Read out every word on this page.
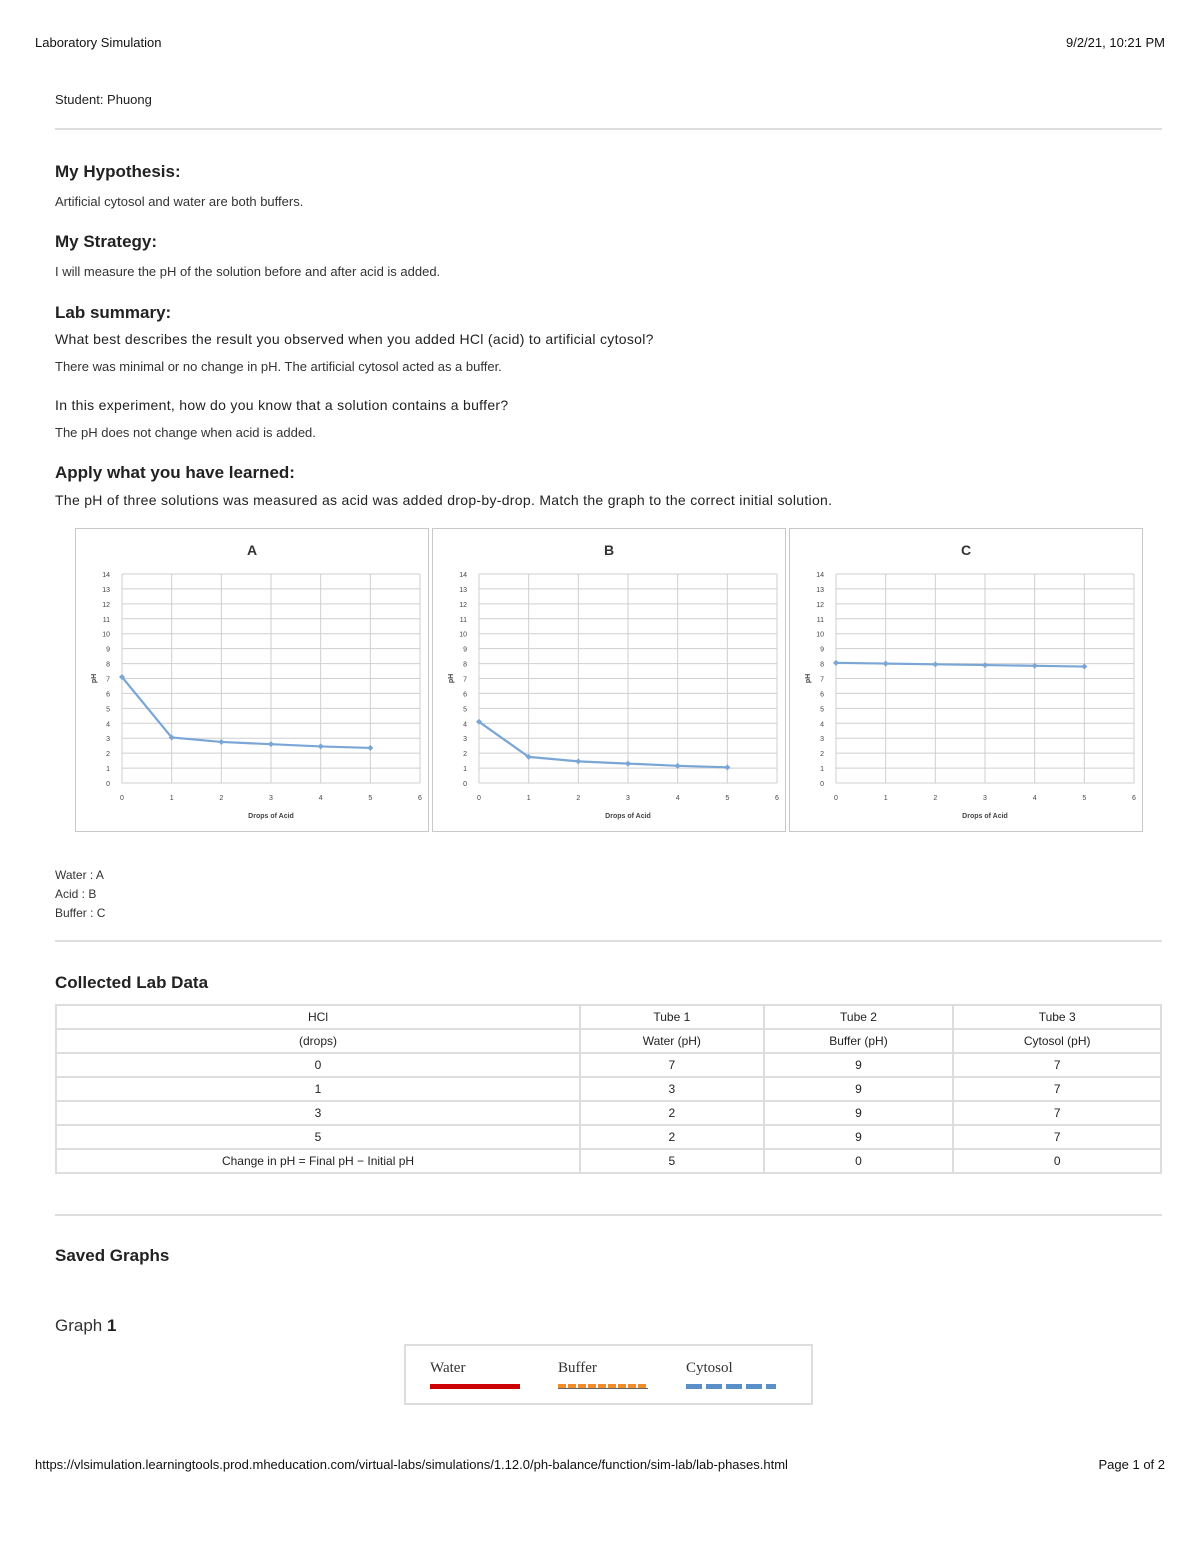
Laboratory Simulation	9/2/21, 10:21 PM
Student: Phuong
My Hypothesis:

Artificial cytosol and water are both buffers.

My Strategy:

I will measure the pH of the solution before and after acid is added.

Lab summary:

What best describes the result you observed when you added HCl (acid) to artificial cytosol?

There was minimal or no change in pH. The artificial cytosol acted as a buffer.

In this experiment, how do you know that a solution contains a buffer?

The pH does not change when acid is added.

Apply what you have learned:

The pH of three solutions was measured as acid was added drop-by-drop. Match the graph to the correct initial solution.

A
0
1
2
3
4
5
6
7
8
9
10
11
12
13
14
0	1	2	3	4	5	6
Drops of Acid
pH
B
0
1
2
3
4
5
6
7
8
9
10
11
12
13
14
0	1	2	3	4	5	6
Drops of Acid
pH
C
0
1
2
3
4
5
6
7
8
9
10
11
12
13
14
0	1	2	3	4	5	6
Drops of Acid
pH
Water : A
Acid : B
Buffer : C
Collected Lab Data
HCl	Tube 1	Tube 2	Tube 3
(drops)	Water (pH)	Buffer (pH)	Cytosol (pH)
0	7	9	7
1	3	9	7
3	2	9	7
5	2	9	7
Change in pH = Final pH − Initial pH	5	0	0
Saved Graphs
Graph 1
Water	Buffer	Cytosol
https://vlsimulation.learningtools.prod.mheducation.com/virtual-labs/simulations/1.12.0/ph-balance/function/sim-lab/lab-phases.html	Page 1 of 2
